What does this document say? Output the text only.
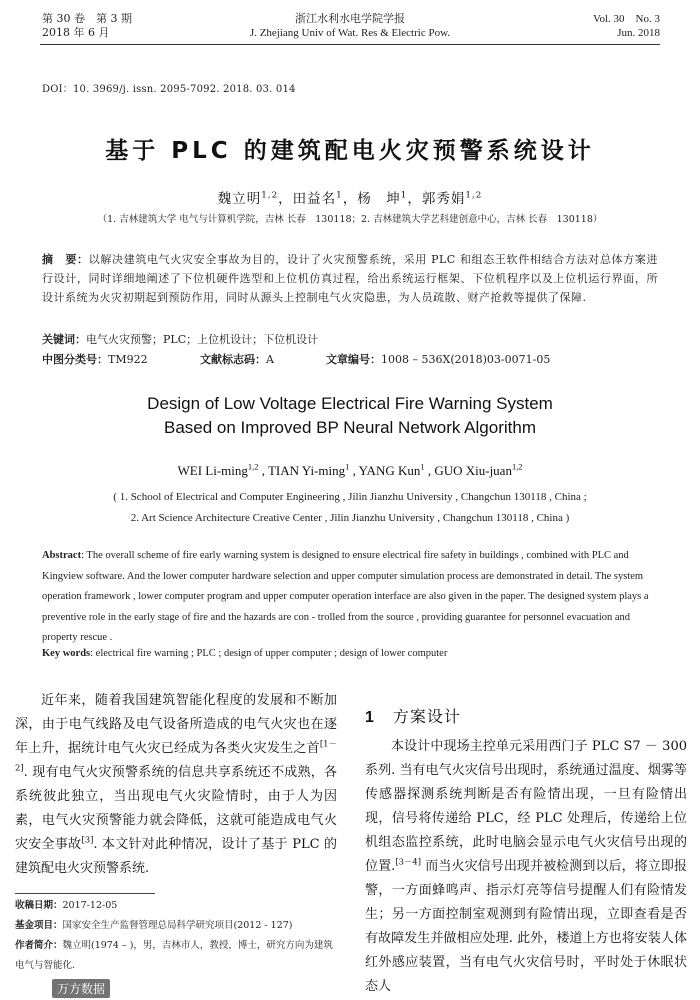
第 30 卷　第 3 期
2018 年 6 月
浙江水利水电学院学报
J. Zhejiang Univ of Wat. Res & Electric Pow.
Vol. 30　No. 3
Jun. 2018
DOI：10. 3969/j. issn. 2095-7092. 2018. 03. 014
基于 PLC 的建筑配电火灾预警系统设计
魏立明$^{1,2}$，田益名$^1$，杨　坤$^1$，郭秀娟$^{1,2}$
（1. 吉林建筑大学 电气与计算机学院，吉林 长春　130118；2. 吉林建筑大学艺科建创意中心，吉林 长春　130118）
摘　要：以解决建筑电气火灾安全事故为目的，设计了火灾预警系统，采用 PLC 和组态王软件相结合方法对总体方案进行设计，同时详细地阐述了下位机硬件选型和上位机仿真过程，给出系统运行框架、下位机程序以及上位机运行界面，所设计系统为火灾初期起到预防作用，同时从源头上控制电气火灾隐患，为人员疏散、财产抢救等提供了保障.
关键词：电气火灾预警；PLC；上位机设计；下位机设计
中图分类号：TM922	文献标志码：A	文章编号：1008 – 536X(2018)03-0071-05
Design of Low Voltage Electrical Fire Warning System
Based on Improved BP Neural Network Algorithm
WEI Li-ming$^{1,2}$ , TIAN Yi-ming$^1$ , YANG Kun$^1$ , GUO Xiu-juan$^{1,2}$
( 1. School of Electrical and Computer Engineering , Jilin Jianzhu University , Changchun 130118 , China ;
2. Art Science Architecture Creative Center , Jilin Jianzhu University , Changchun 130118 , China )
Abstract: The overall scheme of fire early warning system is designed to ensure electrical fire safety in buildings , combined with PLC and Kingview software. And the lower computer hardware selection and upper computer simulation process are demonstrated in detail. The system operation framework , lower computer program and upper computer operation interface are also given in the paper. The designed system plays a preventive role in the early stage of fire and the hazards are con - trolled from the source , providing guarantee for personnel evacuation and property rescue .
Key words: electrical fire warning ; PLC ; design of upper computer ; design of lower computer

近年来，随着我国建筑智能化程度的发展和不断加深，由于电气线路及电气设备所造成的电气火灾也在逐年上升，据统计电气火灾已经成为各类火灾发生之首[1－2]. 现有电气火灾预警系统的信息共享系统还不成熟，各系统彼此独立，当出现电气火灾险情时，由于人为因素，电气火灾预警能力就会降低，这就可能造成电气火灾安全事故[3]. 本文针对此种情况，设计了基于 PLC 的建筑配电火灾预警系统.

收稿日期：2017-12-05
基金项目：国家安全生产监督管理总局科学研究项目(2012 - 127)
作者简介：魏立明(1974 – )，男，吉林市人，教授，博士，研究方向为建筑电气与智能化.
1 方案设计

本设计中现场主控单元采用西门子 PLC S7 － 300 系列. 当有电气火灾信号出现时，系统通过温度、烟雾等传感器探测系统判断是否有险情出现，一旦有险情出现，信号将传递给 PLC，经 PLC 处理后，传递给上位机组态监控系统，此时电脑会显示电气火灾信号出现的位置.[3－4] 而当火灾信号出现并被检测到以后，将立即报警，一方面蜂鸣声、指示灯亮等信号提醒人们有险情发生；另一方面控制室观测到有险情出现，立即查看是否有故障发生并做相应处理. 此外，楼道上方也将安装人体红外感应装置，当有电气火灾信号时，平时处于休眠状态人

万方数据
